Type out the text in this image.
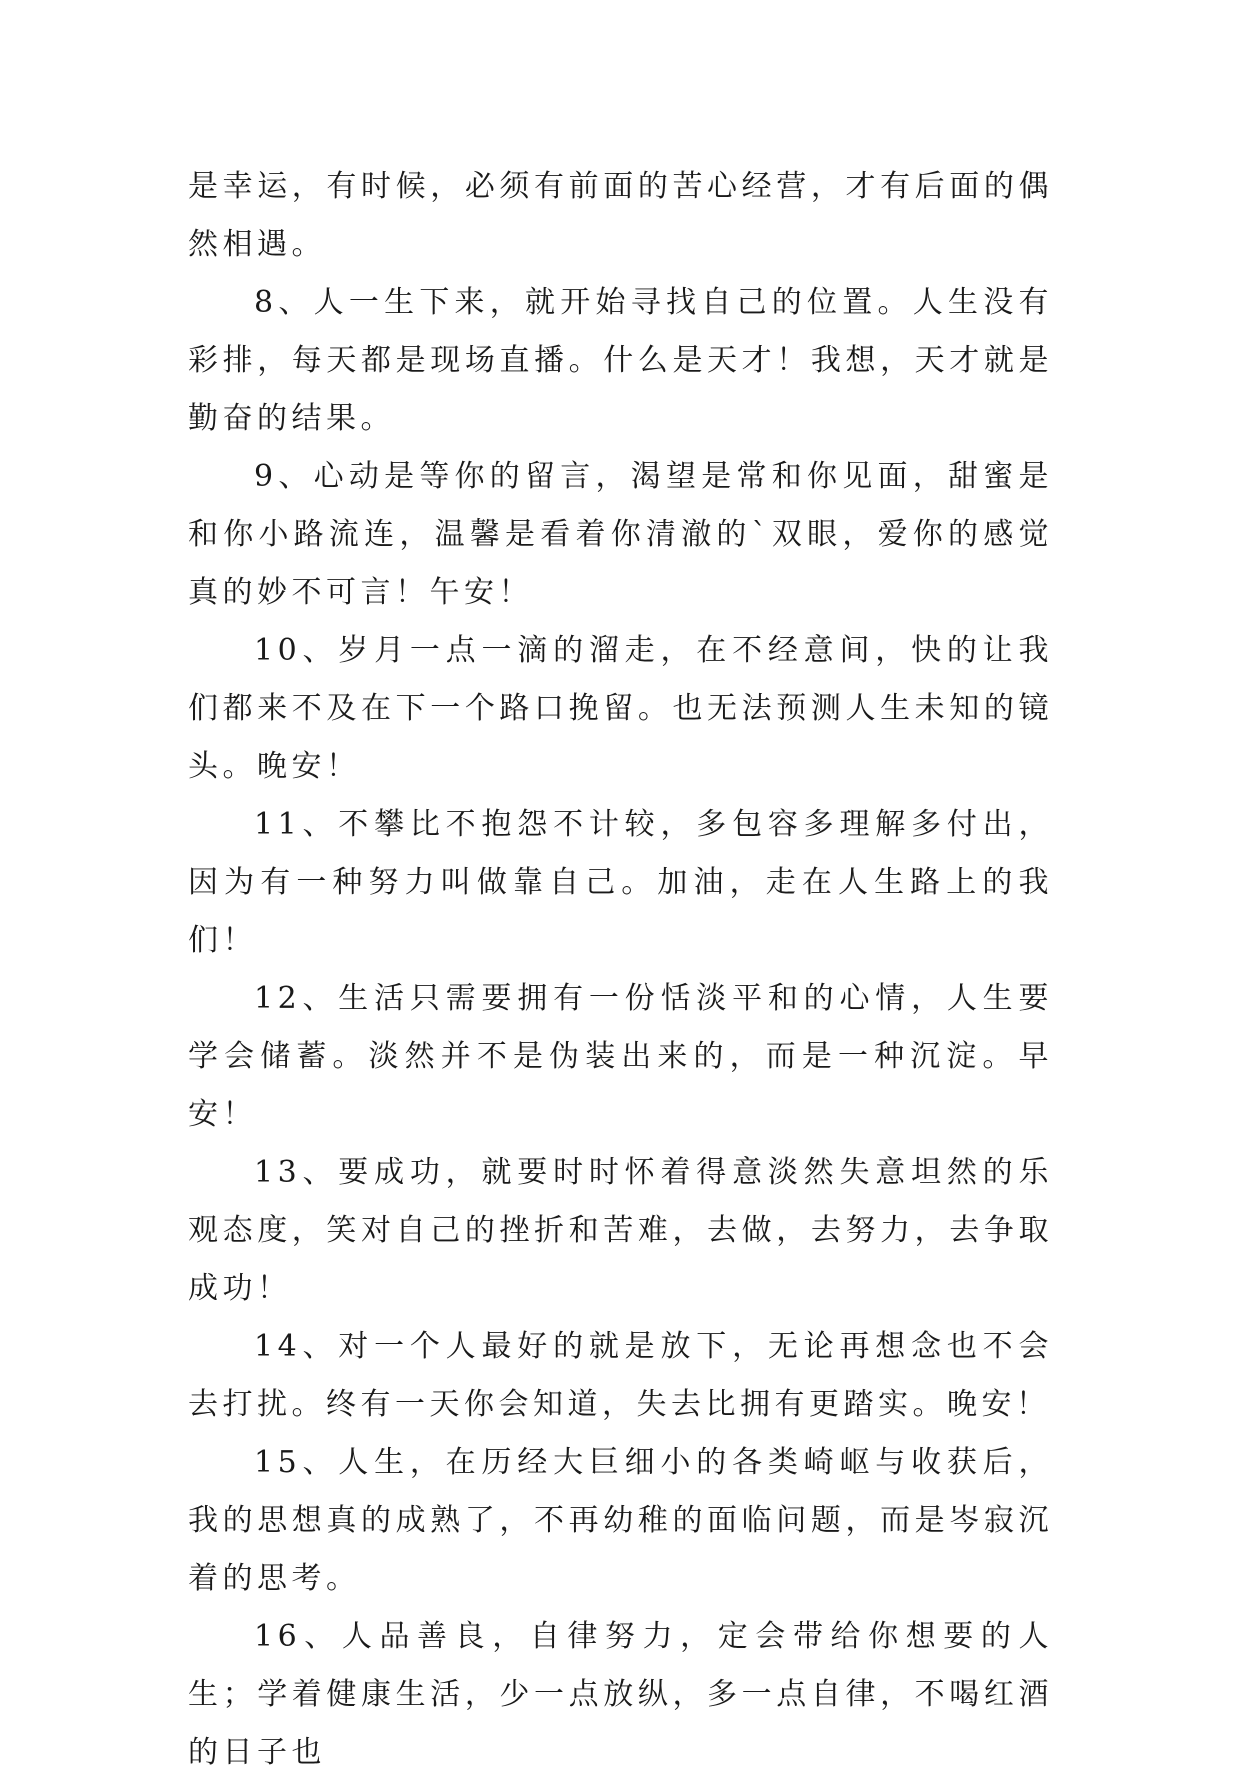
是幸运，有时候，必须有前面的苦心经营，才有后面的偶然相遇。

8、人一生下来，就开始寻找自己的位置。人生没有彩排，每天都是现场直播。什么是天才！我想，天才就是勤奋的结果。

9、心动是等你的留言，渴望是常和你见面，甜蜜是和你小路流连，温馨是看着你清澈的`双眼，爱你的感觉真的妙不可言！午安！

10、岁月一点一滴的溜走，在不经意间，快的让我们都来不及在下一个路口挽留。也无法预测人生未知的镜头。晚安！

11、不攀比不抱怨不计较，多包容多理解多付出，因为有一种努力叫做靠自己。加油，走在人生路上的我们！

12、生活只需要拥有一份恬淡平和的心情，人生要学会储蓄。淡然并不是伪装出来的，而是一种沉淀。早安！

13、要成功，就要时时怀着得意淡然失意坦然的乐观态度，笑对自己的挫折和苦难，去做，去努力，去争取成功！

14、对一个人最好的就是放下，无论再想念也不会去打扰。终有一天你会知道，失去比拥有更踏实。晚安！

15、人生，在历经大巨细小的各类崎岖与收获后，我的思想真的成熟了，不再幼稚的面临问题，而是岑寂沉着的思考。

16、人品善良，自律努力，定会带给你想要的人生；学着健康生活，少一点放纵，多一点自律，不喝红酒的日子也
